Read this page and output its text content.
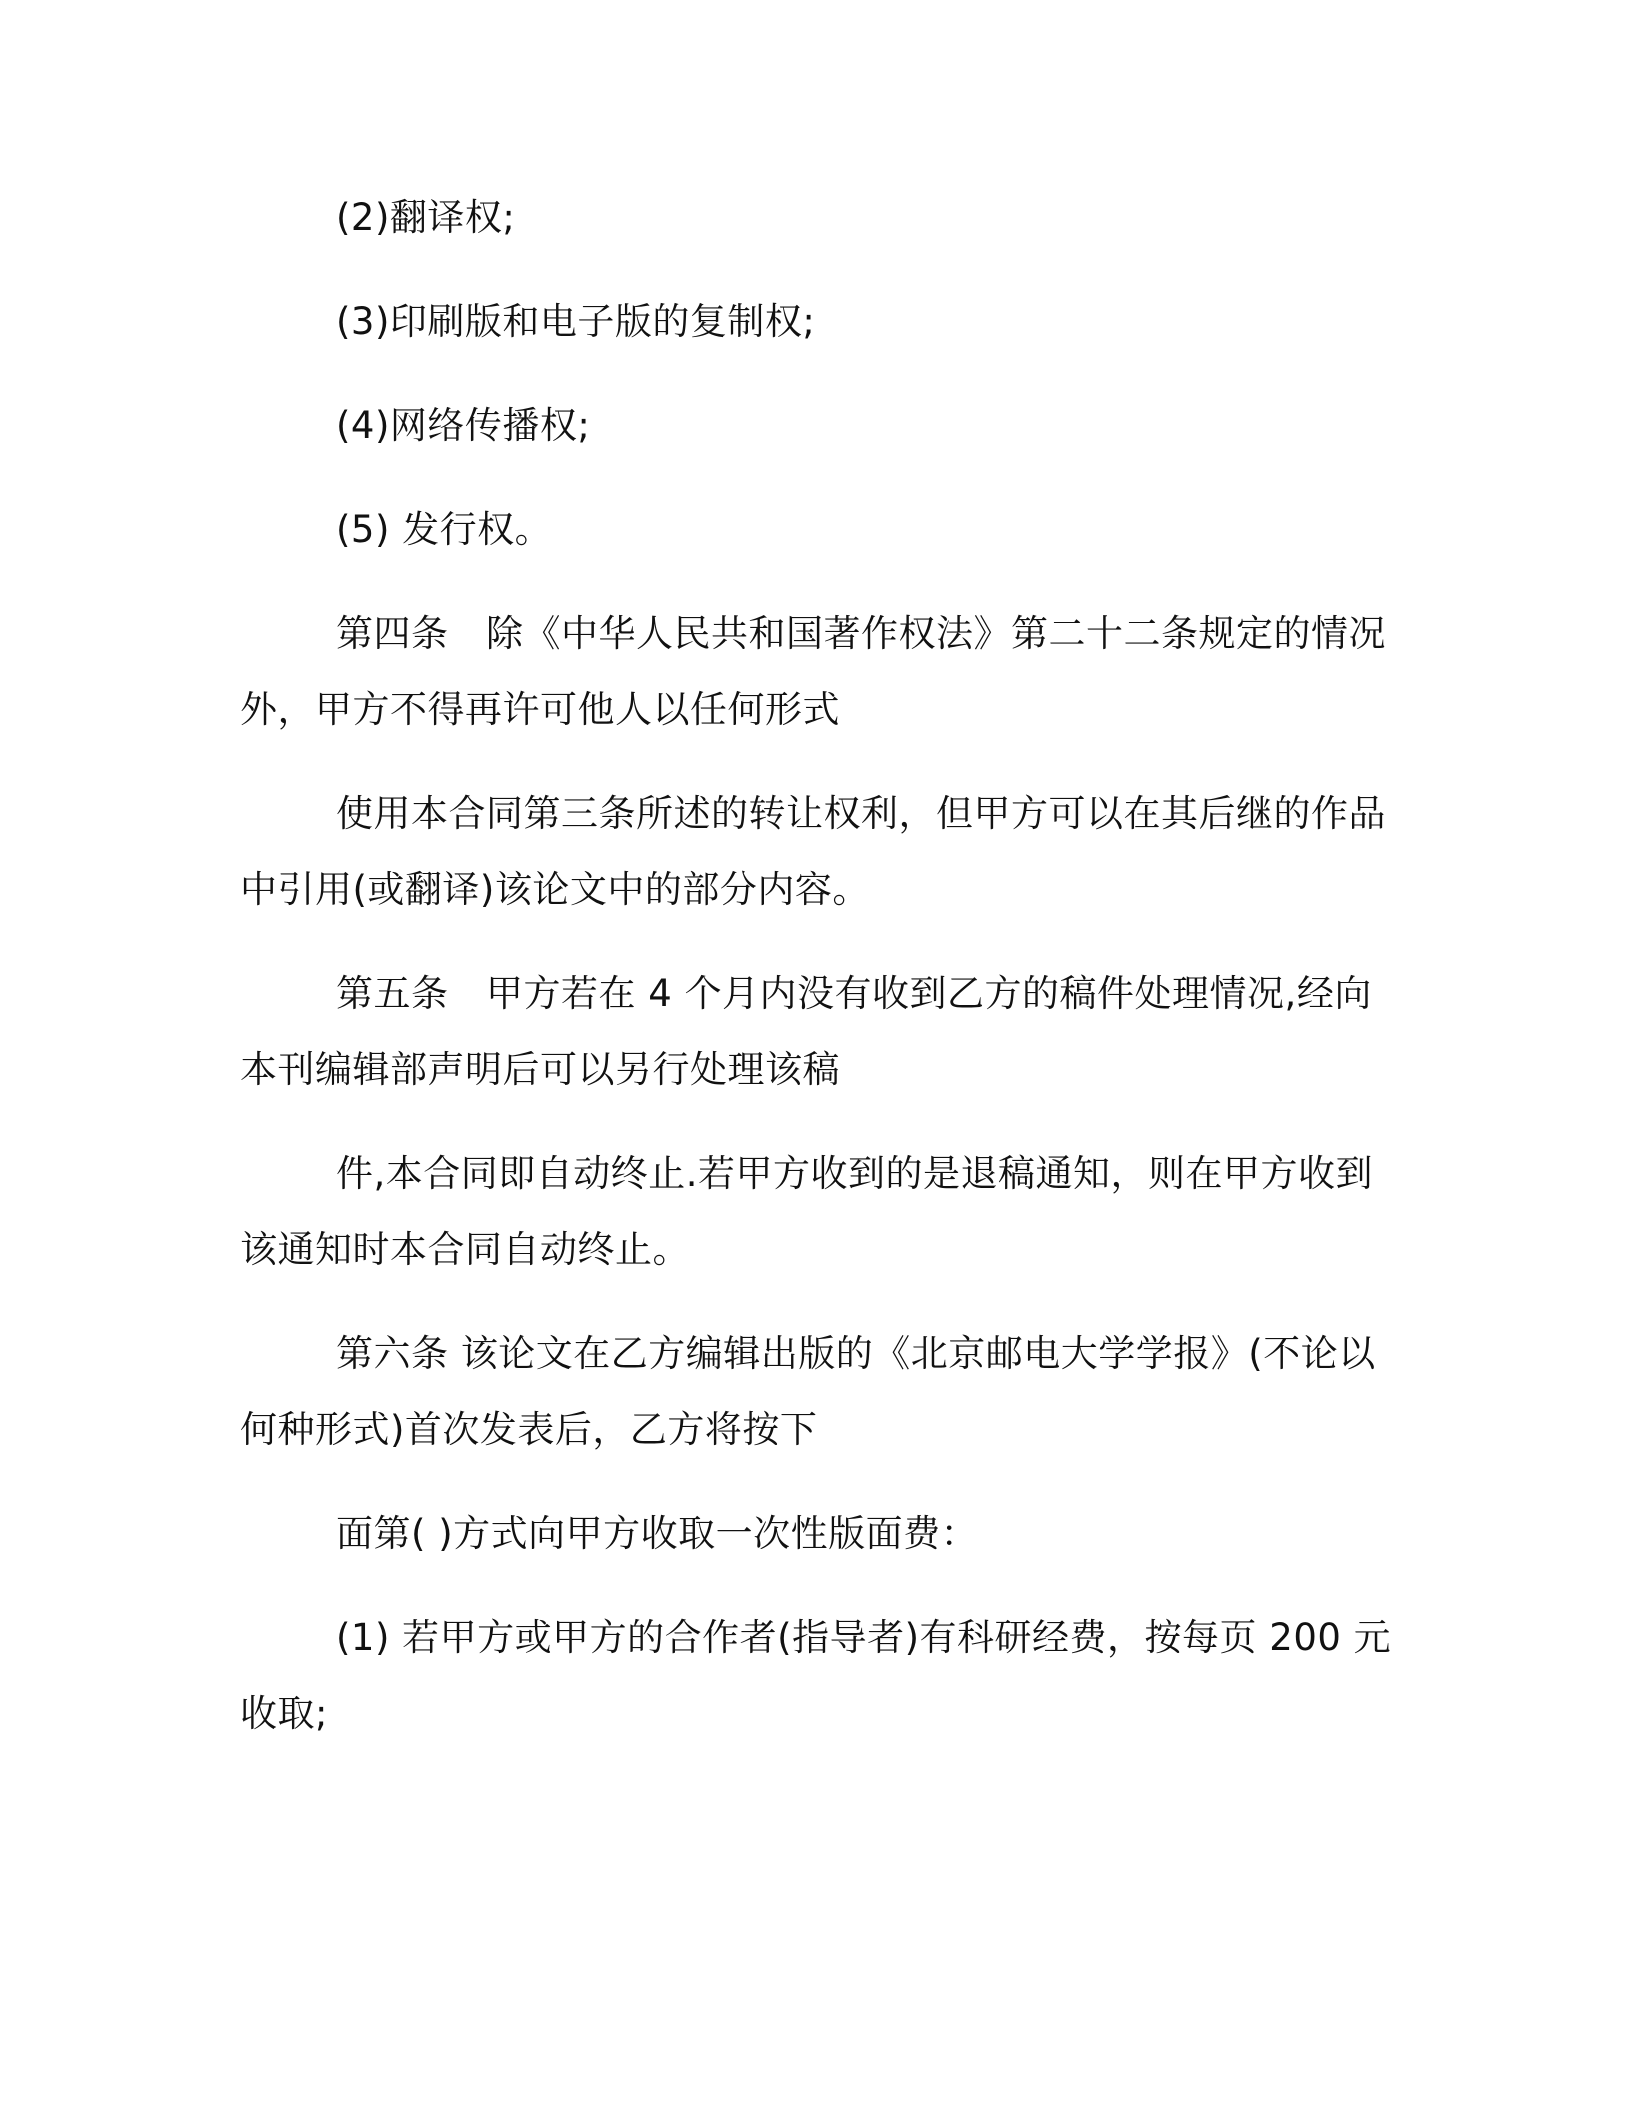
(2)翻译权;
(3)印刷版和电子版的复制权;
(4)网络传播权;
(5) 发行权。
第四条　除《中华人民共和国著作权法》第二十二条规定的情况
外，甲方不得再许可他人以任何形式
使用本合同第三条所述的转让权利，但甲方可以在其后继的作品
中引用(或翻译)该论文中的部分内容。
第五条　甲方若在 4 个月内没有收到乙方的稿件处理情况,经向
本刊编辑部声明后可以另行处理该稿
件,本合同即自动终止.若甲方收到的是退稿通知，则在甲方收到
该通知时本合同自动终止。
第六条 该论文在乙方编辑出版的《北京邮电大学学报》(不论以
何种形式)首次发表后，乙方将按下
面第( )方式向甲方收取一次性版面费：
(1) 若甲方或甲方的合作者(指导者)有科研经费，按每页 200 元
收取;
